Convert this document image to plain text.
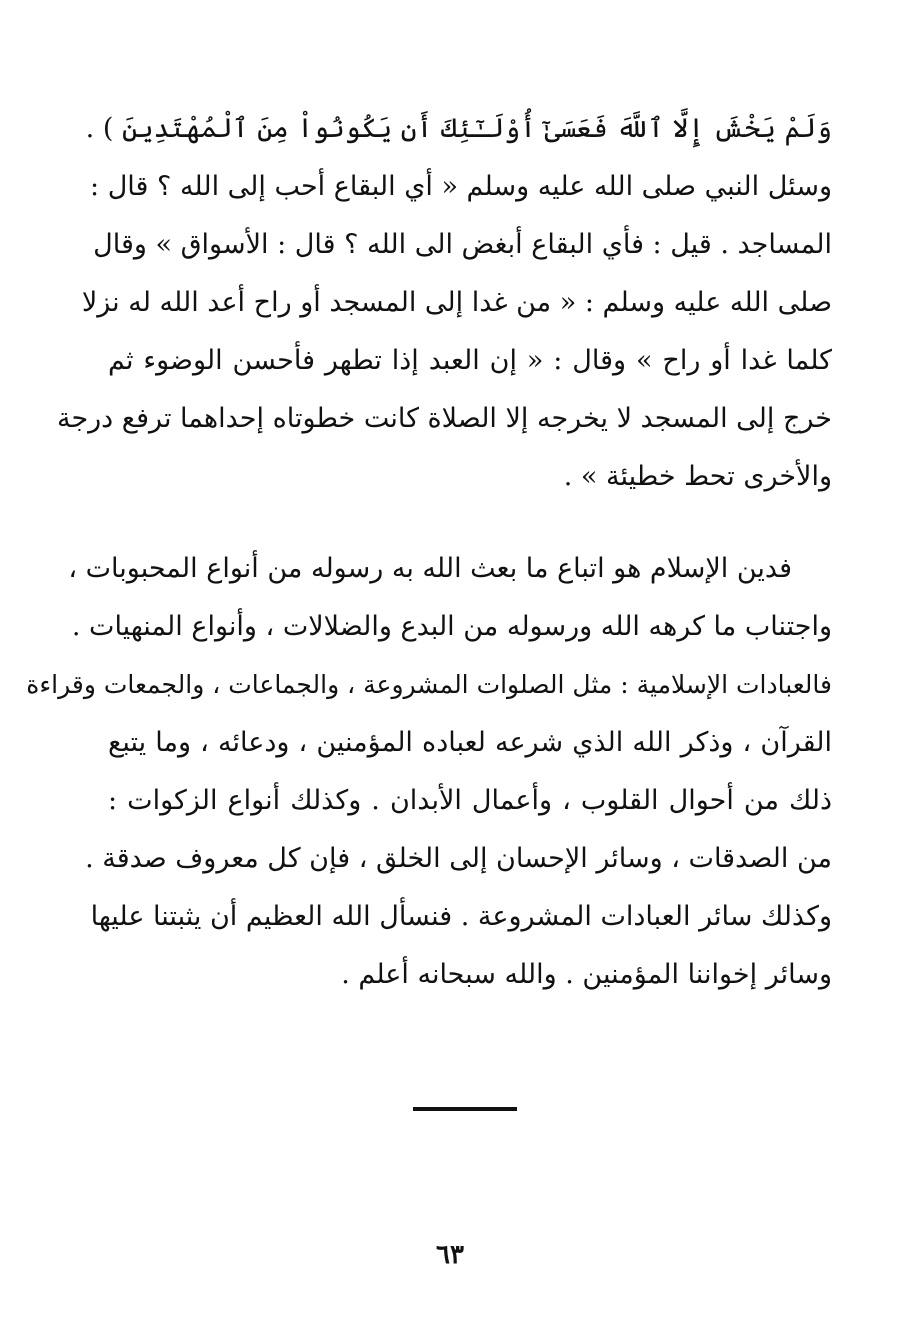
وَلَمْ يَخْشَ إِلَّا ٱللَّهَ فَعَسَىٰٓ أُوْلَـٰٓئِكَ أَن يَكُونُواْ مِنَ ٱلْمُهْتَدِينَ ) .
وسئل النبي صلى الله عليه وسلم « أي البقاع أحب إلى الله ؟ قال :
المساجد . قيل : فأي البقاع أبغض الى الله ؟ قال : الأسواق » وقال
صلى الله عليه وسلم : « من غدا إلى المسجد أو راح أعد الله له نزلا
كلما غدا أو راح » وقال : « إن العبد إذا تطهر فأحسن الوضوء ثم
خرج إلى المسجد لا يخرجه إلا الصلاة كانت خطوتاه إحداهما ترفع درجة
والأخرى تحط خطيئة » .
فدين الإسلام هو اتباع ما بعث الله به رسوله من أنواع المحبوبات ،
واجتناب ما كرهه الله ورسوله من البدع والضلالات ، وأنواع المنهيات .
فالعبادات الإسلامية : مثل الصلوات المشروعة ، والجماعات ، والجمعات وقراءة
القرآن ، وذكر الله الذي شرعه لعباده المؤمنين ، ودعائه ، وما يتبع
ذلك من أحوال القلوب ، وأعمال الأبدان . وكذلك أنواع الزكوات :
من الصدقات ، وسائر الإحسان إلى الخلق ، فإن كل معروف صدقة .
وكذلك سائر العبادات المشروعة . فنسأل الله العظيم أن يثبتنا عليها
وسائر إخواننا المؤمنين . والله سبحانه أعلم .
٦٣
